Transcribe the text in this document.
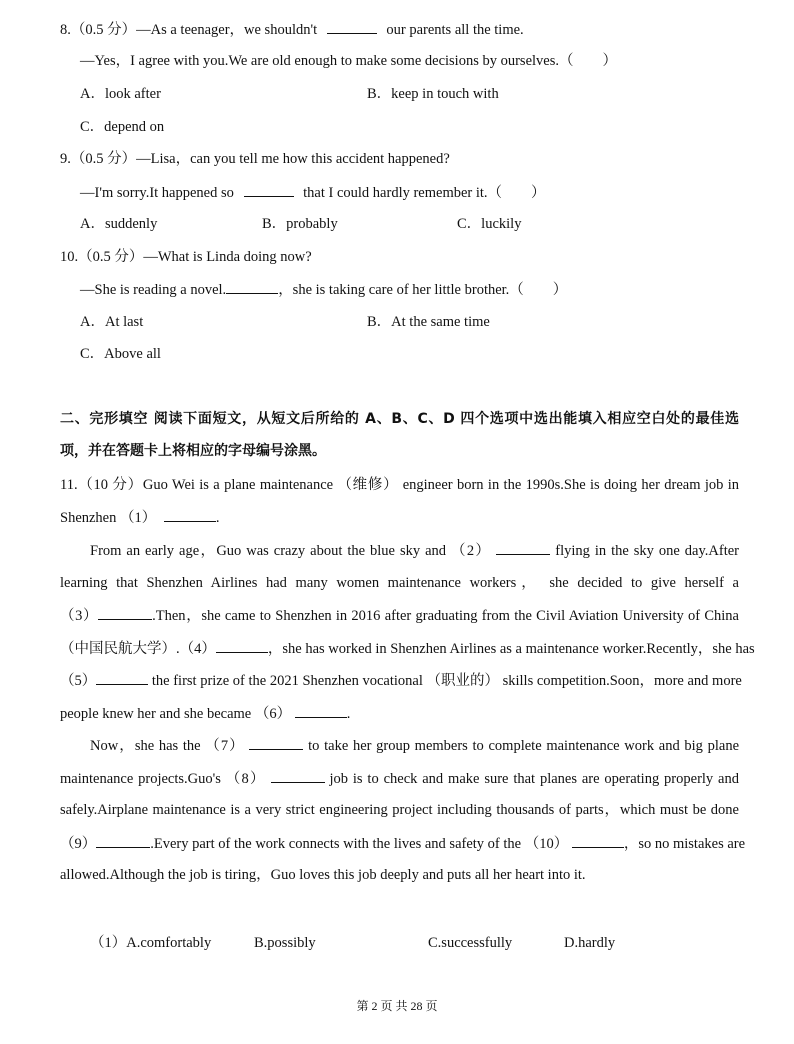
8.（0.5 分）—As a teenager，we shouldn't	our parents all the time.
—Yes，I agree with you.We are old enough to make some decisions by ourselves.（　　）
A．look after	B．keep in touch with
C．depend on
9.（0.5 分）—Lisa，can you tell me how this accident happened?
—I'm sorry.It happened so	that I could hardly remember it.（　　）
A．suddenly	B．probably	C．luckily
10.（0.5 分）—What is Linda doing now?
—She is reading a novel.	，she is taking care of her little brother.（　　）
A．At last	B．At the same time
C．Above all
二、完形填空 阅读下面短文，从短文后所给的 A、B、C、D 四个选项中选出能填入相应空白处的最佳选
项，并在答题卡上将相应的字母编号涂黑。
11.（10 分）Guo Wei is a plane maintenance （维修） engineer born in the 1990s.She is doing her dream job in
Shenzhen （1）	.
From an early age，Guo was crazy about the blue sky and （2）	flying in the sky one day.After
learning that Shenzhen Airlines had many women maintenance workers， she decided to give herself a
（3）	.Then，she came to Shenzhen in 2016 after graduating from the Civil Aviation University of China
（中国民航大学）.（4）	，she has worked in Shenzhen Airlines as a maintenance worker.Recently，she has
（5）	the first prize of the 2021 Shenzhen vocational （职业的） skills competition.Soon，more and more
people knew her and she became （6）	.
Now，she has the （7）	to take her group members to complete maintenance work and big plane
maintenance projects.Guo's （8）	job is to check and make sure that planes are operating properly and
safely.Airplane maintenance is a very strict engineering project including thousands of parts，which must be done
（9）	.Every part of the work connects with the lives and safety of the （10）	，so no mistakes are
allowed.Although the job is tiring，Guo loves this job deeply and puts all her heart into it.
（1）A.comfortably	B.possibly	C.successfully	D.hardly
第 2 页 共 28 页
